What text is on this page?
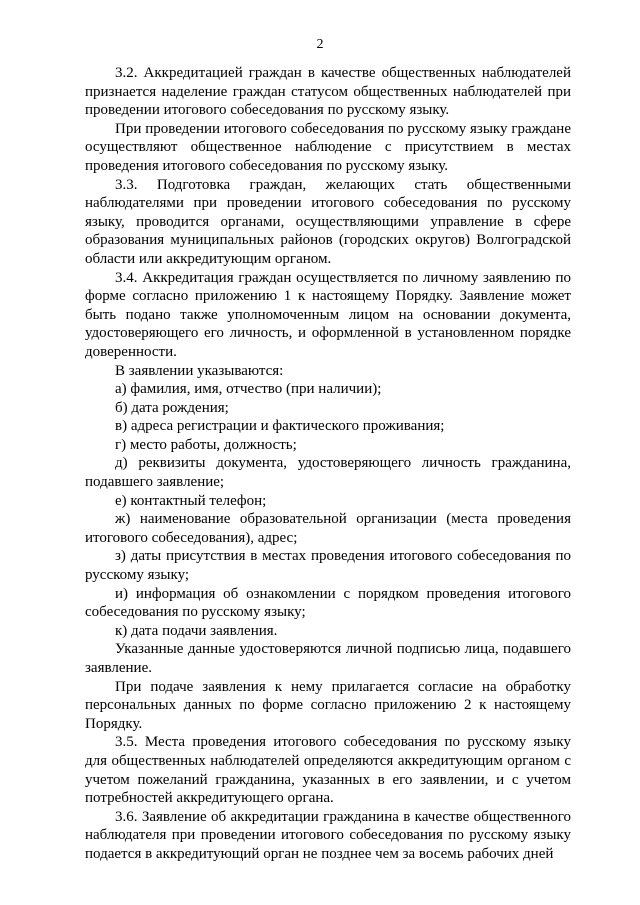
2

3.2. Аккредитацией граждан в качестве общественных наблюдателей признается наделение граждан статусом общественных наблюдателей при проведении итогового собеседования по русскому языку.

При проведении итогового собеседования по русскому языку граждане осуществляют общественное наблюдение с присутствием в местах проведения итогового собеседования по русскому языку.

3.3. Подготовка граждан, желающих стать общественными наблюдателями при проведении итогового собеседования по русскому языку, проводится органами, осуществляющими управление в сфере образования муниципальных районов (городских округов) Волгоградской области или аккредитующим органом.

3.4. Аккредитация граждан осуществляется по личному заявлению по форме согласно приложению 1 к настоящему Порядку. Заявление может быть подано также уполномоченным лицом на основании документа, удостоверяющего его личность, и оформленной в установленном порядке доверенности.

В заявлении указываются:

а) фамилия, имя, отчество (при наличии);

б) дата рождения;

в) адреса регистрации и фактического проживания;

г) место работы, должность;

д) реквизиты документа, удостоверяющего личность гражданина, подавшего заявление;

е) контактный телефон;

ж) наименование образовательной организации (места проведения итогового собеседования), адрес;

з) даты присутствия в местах проведения итогового собеседования по русскому языку;

и) информация об ознакомлении с порядком проведения итогового собеседования по русскому языку;

к) дата подачи заявления.

Указанные данные удостоверяются личной подписью лица, подавшего заявление.

При подаче заявления к нему прилагается согласие на обработку персональных данных по форме согласно приложению 2 к настоящему Порядку.

3.5. Места проведения итогового собеседования по русскому языку для общественных наблюдателей определяются аккредитующим органом с учетом пожеланий гражданина, указанных в его заявлении, и с учетом потребностей аккредитующего органа.

3.6. Заявление об аккредитации гражданина в качестве общественного наблюдателя при проведении итогового собеседования по русскому языку подается в аккредитующий орган не позднее чем за восемь рабочих дней
